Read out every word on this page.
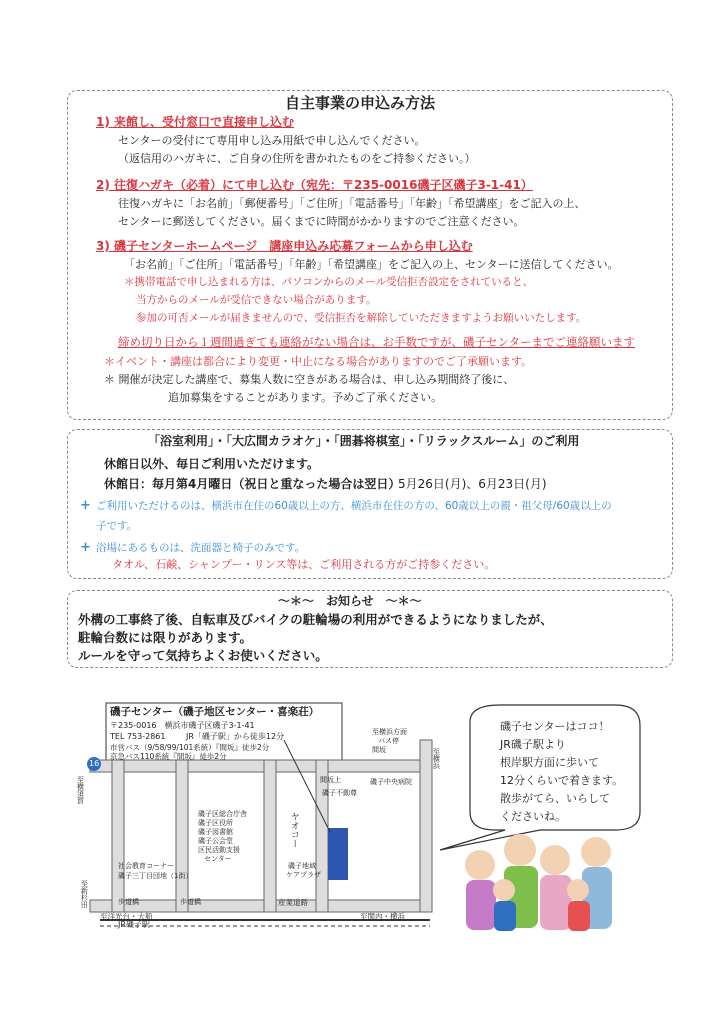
自主事業の申込み方法
1) 来館し、受付窓口で直接申し込む
センターの受付にて専用申し込み用紙で申し込んでください。
（返信用のハガキに、ご自身の住所を書かれたものをご持参ください。）
2) 往復ハガキ（必着）にて申し込む（宛先：〒235-0016磯子区磯子3-1-41）
往復ハガキに「お名前」「郵便番号」「ご住所」「電話番号」「年齢」「希望講座」をご記入の上、
センターに郵送してください。届くまでに時間がかかりますのでご注意ください。
3) 磯子センターホームページ　講座申込み応募フォームから申し込む
「お名前」「ご住所」「電話番号」「年齢」「希望講座」をご記入の上、センターに送信してください。
＊携帯電話で申し込まれる方は、パソコンからのメール受信拒否設定をされていると、
当方からのメールが受信できない場合があります。
参加の可否メールが届きませんので、受信拒否を解除していただきますようお願いいたします。
締め切り日から１週間過ぎても連絡がない場合は、お手数ですが、磯子センターまでご連絡願います
＊イベント・講座は都合により変更・中止になる場合がありますのでご了承願います。
＊ 開催が決定した講座で、募集人数に空きがある場合は、申し込み期間終了後に、
追加募集をすることがあります。予めご了承ください。
「浴室利用」・「大広間カラオケ」・「囲碁将棋室」・「リラックスルーム」のご利用
休館日以外、毎日ご利用いただけます。
休館日：毎月第4月曜日（祝日と重なった場合は翌日）
5月26日(月)、6月23日(月)
+ ご利用いただけるのは、横浜市在住の60歳以上の方、横浜市在住の方の、60歳以上の親・祖父母/60歳以上の
子です。
+ 浴場にあるものは、洗面器と椅子のみです。
タオル、石鹸、シャンプー・リンス等は、ご利用される方がご持参ください。
～＊～　お知らせ　～＊～
外構の工事終了後、自転車及びバイクの駐輪場の利用ができるようになりましたが、
駐輪台数には限りがあります。
ルールを守って気持ちよくお使いください。
磯子センター（磯子地区センター・喜楽荘）
〒235-0016　横浜市磯子区磯子3-1-41
TEL 753-2861	JR「磯子駅」から徒歩12分
市営バス（9/58/99/101系統）『間坂』徒歩2分
京急バス110系統『間坂』徒歩2分
16
至横須賀
至横浜
至新杉田
至洋光台・大船	至関内・横浜
至横浜方面
バス停
間坂
間坂上
磯子不動尊
磯子中央病院
磯子区総合庁舎
磯子区役所
磯子図書館
磯子公会堂
区民活動支援
センター
ヤオコー
磯子地域
ケアプラザ
社会教育コーナー
磯子三丁目団地（1街）
歩道橋	歩道橋	産業道路
JR磯子駅
磯子センターはココ！
JR磯子駅より
根岸駅方面に歩いて
12分くらいで着きます。
散歩がてら、いらして
くださいね。
